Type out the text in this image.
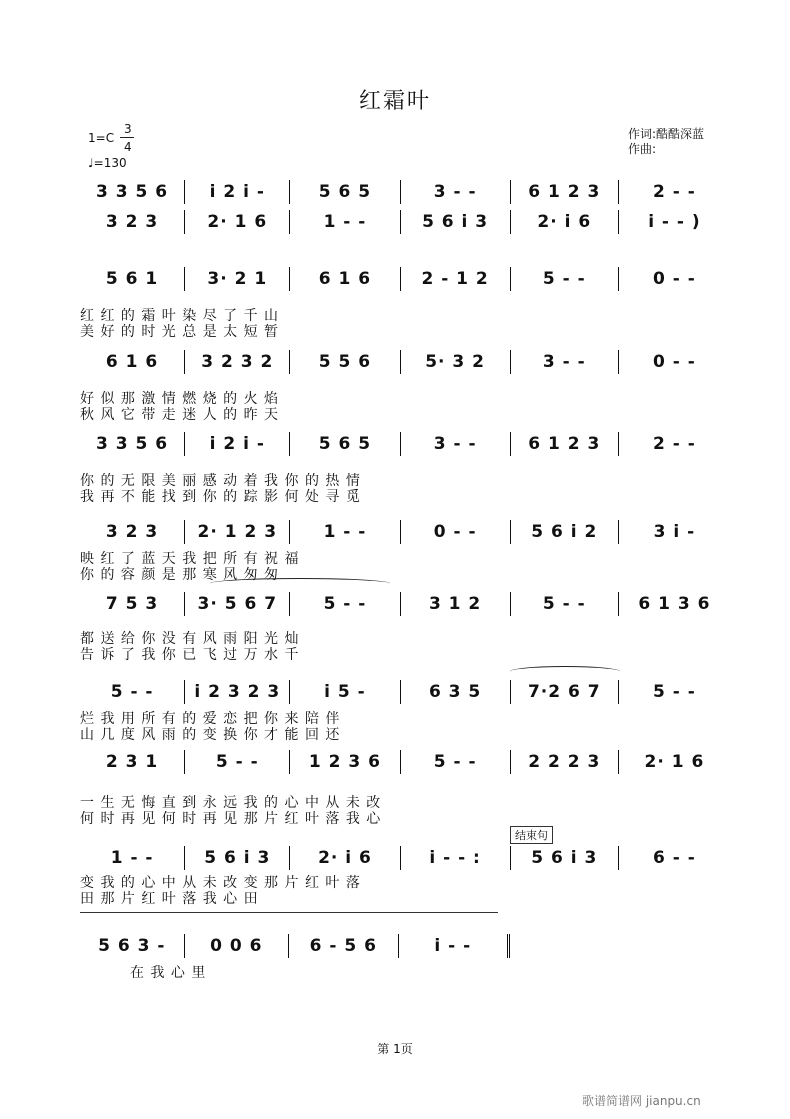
红霜叶
1=C
3
4
♩=130
作词:酷酷深蓝
作曲:
3 3 5 6	i 2 i -	5 6 5	3 - -	6 1 2 3	2 - -
3 2 3	2· 1 6	1 - -	5 6 i 3	2· i 6	i - - )
5 6 1	3· 2 1	6 1 6	2 - 1 2	5 - -	0 - -
红 红 的 霜 叶 染 尽 了 千 山
美 好 的 时 光 总 是 太 短 暂
6 1 6	3 2 3 2	5 5 6	5· 3 2	3 - -	0 - -
好 似 那 激 情 燃 烧 的 火 焰
秋 风 它 带 走 迷 人 的 昨 天
3 3 5 6	i 2 i -	5 6 5	3 - -	6 1 2 3	2 - -
你 的 无 限 美 丽 感 动 着 我 你 的 热 情
我 再 不 能 找 到 你 的 踪 影 何 处 寻 觅
3 2 3	2· 1 2 3	1 - -	0 - -	5 6 i 2	3 i -
映 红 了 蓝 天 我 把 所 有 祝 福
你 的 容 颜 是 那 寒 风 匆 匆
7 5 3	3· 5 6 7	5 - -	3 1 2	5 - -	6 1 3 6
都 送 给 你 没 有 风 雨 阳 光 灿
告 诉 了 我 你 已 飞 过 万 水 千
5 - -	i 2 3 2 3	i 5 -	6 3 5	7·2 6 7	5 - -
烂 我 用 所 有 的 爱 恋 把 你 来 陪 伴
山 几 度 风 雨 的 变 换 你 才 能 回 还
2 3 1	5 - -	1 2 3 6	5 - -	2 2 2 3	2· 1 6
一 生 无 悔 直 到 永 远 我 的 心 中 从 未 改
何 时 再 见 何 时 再 见 那 片 红 叶 落 我 心
结束句
1 - -	5 6 i 3	2· i 6	i - - :	5 6 i 3	6 - -
变 我 的 心 中 从 未 改 变 那 片 红 叶 落
田 那 片 红 叶 落 我 心 田
5 6 3 -	0 0 6	6 - 5 6	i - -
在 我 心 里
第 1页
歌谱简谱网 jianpu.cn
